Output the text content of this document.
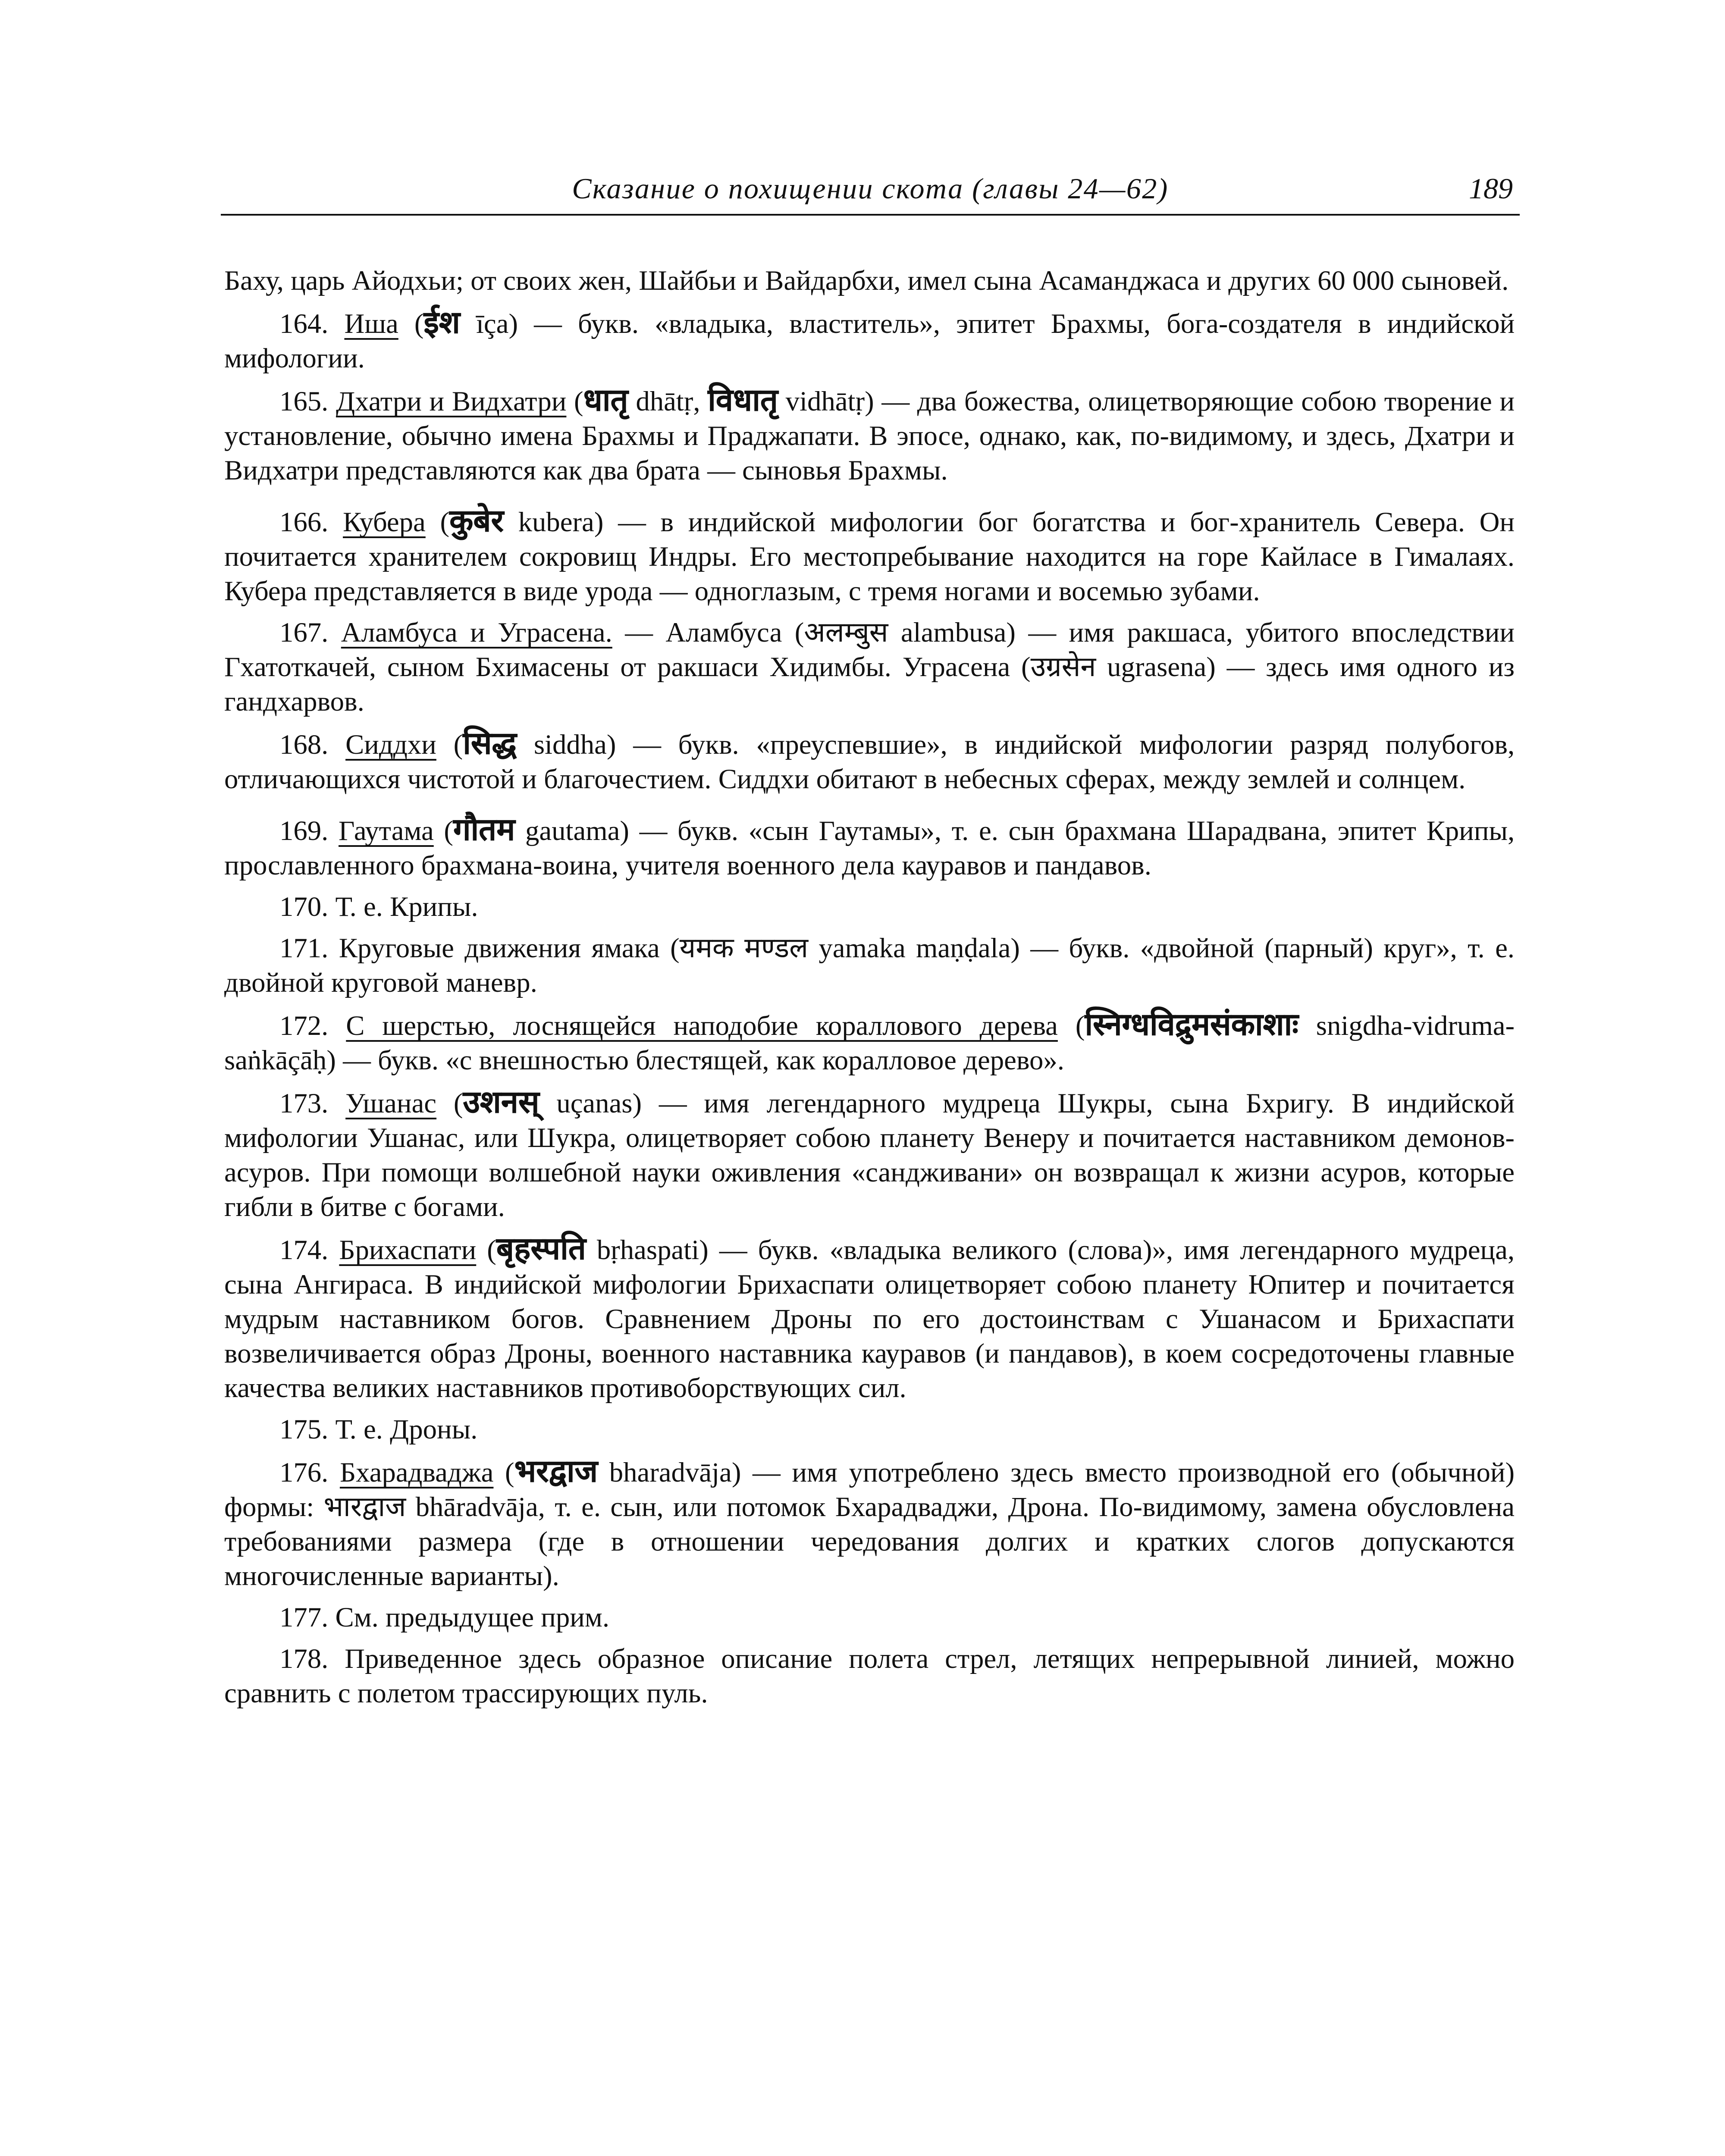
Сказание о похищении скота (главы 24—62)	189

Баху, царь Айодхьи; от своих жен, Шайбьи и Вайдарбхи, имел сына Асаманджаса и других 60 000 сыновей.

164. Иша (ईश īça) — букв. «владыка, властитель», эпитет Брахмы, бога-создателя в индийской мифологии.

165. Дхатри и Видхатри (धातृ dhātṛ, विधातृ vidhātṛ) — два божества, олицетворяющие собою творение и установление, обычно имена Брахмы и Праджапати. В эпосе, однако, как, по-видимому, и здесь, Дхатри и Видхатри представляются как два брата — сыновья Брахмы.

166. Кубера (कुबेर kubera) — в индийской мифологии бог богатства и бог-хранитель Севера. Он почитается хранителем сокровищ Индры. Его местопребывание находится на горе Кайласе в Гималаях. Кубера представляется в виде урода — одноглазым, с тремя ногами и восемью зубами.

167. Аламбуса и Уграсена. — Аламбуса (अलम्बुस alambusa) — имя ракшаса, убитого впоследствии Гхатоткачей, сыном Бхимасены от ракшаси Хидимбы. Уграсена (उग्रसेन ugrasena) — здесь имя одного из гандхарвов.

168. Сиддхи (सिद्ध siddha) — букв. «преуспевшие», в индийской мифологии разряд полубогов, отличающихся чистотой и благочестием. Сиддхи обитают в небесных сферах, между землей и солнцем.

169. Гаутама (गौतम gautama) — букв. «сын Гаутамы», т. е. сын брахмана Шарадвана, эпитет Крипы, прославленного брахмана-воина, учителя военного дела кауравов и пандавов.

170. Т. е. Крипы.

171. Круговые движения ямака (यमक मण्डल yamaka maṇḍala) — букв. «двойной (парный) круг», т. е. двойной круговой маневр.

172.	С шерстью, лоснящейся наподобие кораллового дерева (स्निग्धविद्रुमसंकाशाः	snigdha-vidruma-saṅkāçāḥ) — букв. «с внешностью блестящей, как коралловое дерево».

173. Ушанас (उशनस् uçanas) — имя легендарного мудреца Шукры, сына Бхригу. В индийской мифологии Ушанас, или Шукра, олицетворяет собою планету Венеру и почитается наставником демонов-асуров. При помощи волшебной науки оживления «сандживани» он возвращал к жизни асуров, которые гибли в битве с богами.

174. Брихаспати (बृहस्पति bṛhaspati) — букв. «владыка великого (слова)», имя легендарного мудреца, сына Ангираса. В индийской мифологии Брихаспати олицетворяет собою планету Юпитер и почитается мудрым наставником богов. Сравнением Дроны по его достоинствам с Ушанасом и Брихаспати возвеличивается образ Дроны, военного наставника кауравов (и пандавов), в коем сосредоточены главные качества великих наставников противоборствующих сил.

175. Т. е. Дроны.

176. Бхарадваджа (भरद्वाज bharadvāja) — имя употреблено здесь вместо производной его (обычной) формы: भारद्वाज bhāradvāja, т. е. сын, или потомок Бхарадваджи, Дрона. По-видимому, замена обусловлена требованиями размера (где в отношении чередования долгих и кратких слогов допускаются многочисленные варианты).

177. См. предыдущее прим.

178. Приведенное здесь образное описание полета стрел, летящих непрерывной линией, можно сравнить с полетом трассирующих пуль.
